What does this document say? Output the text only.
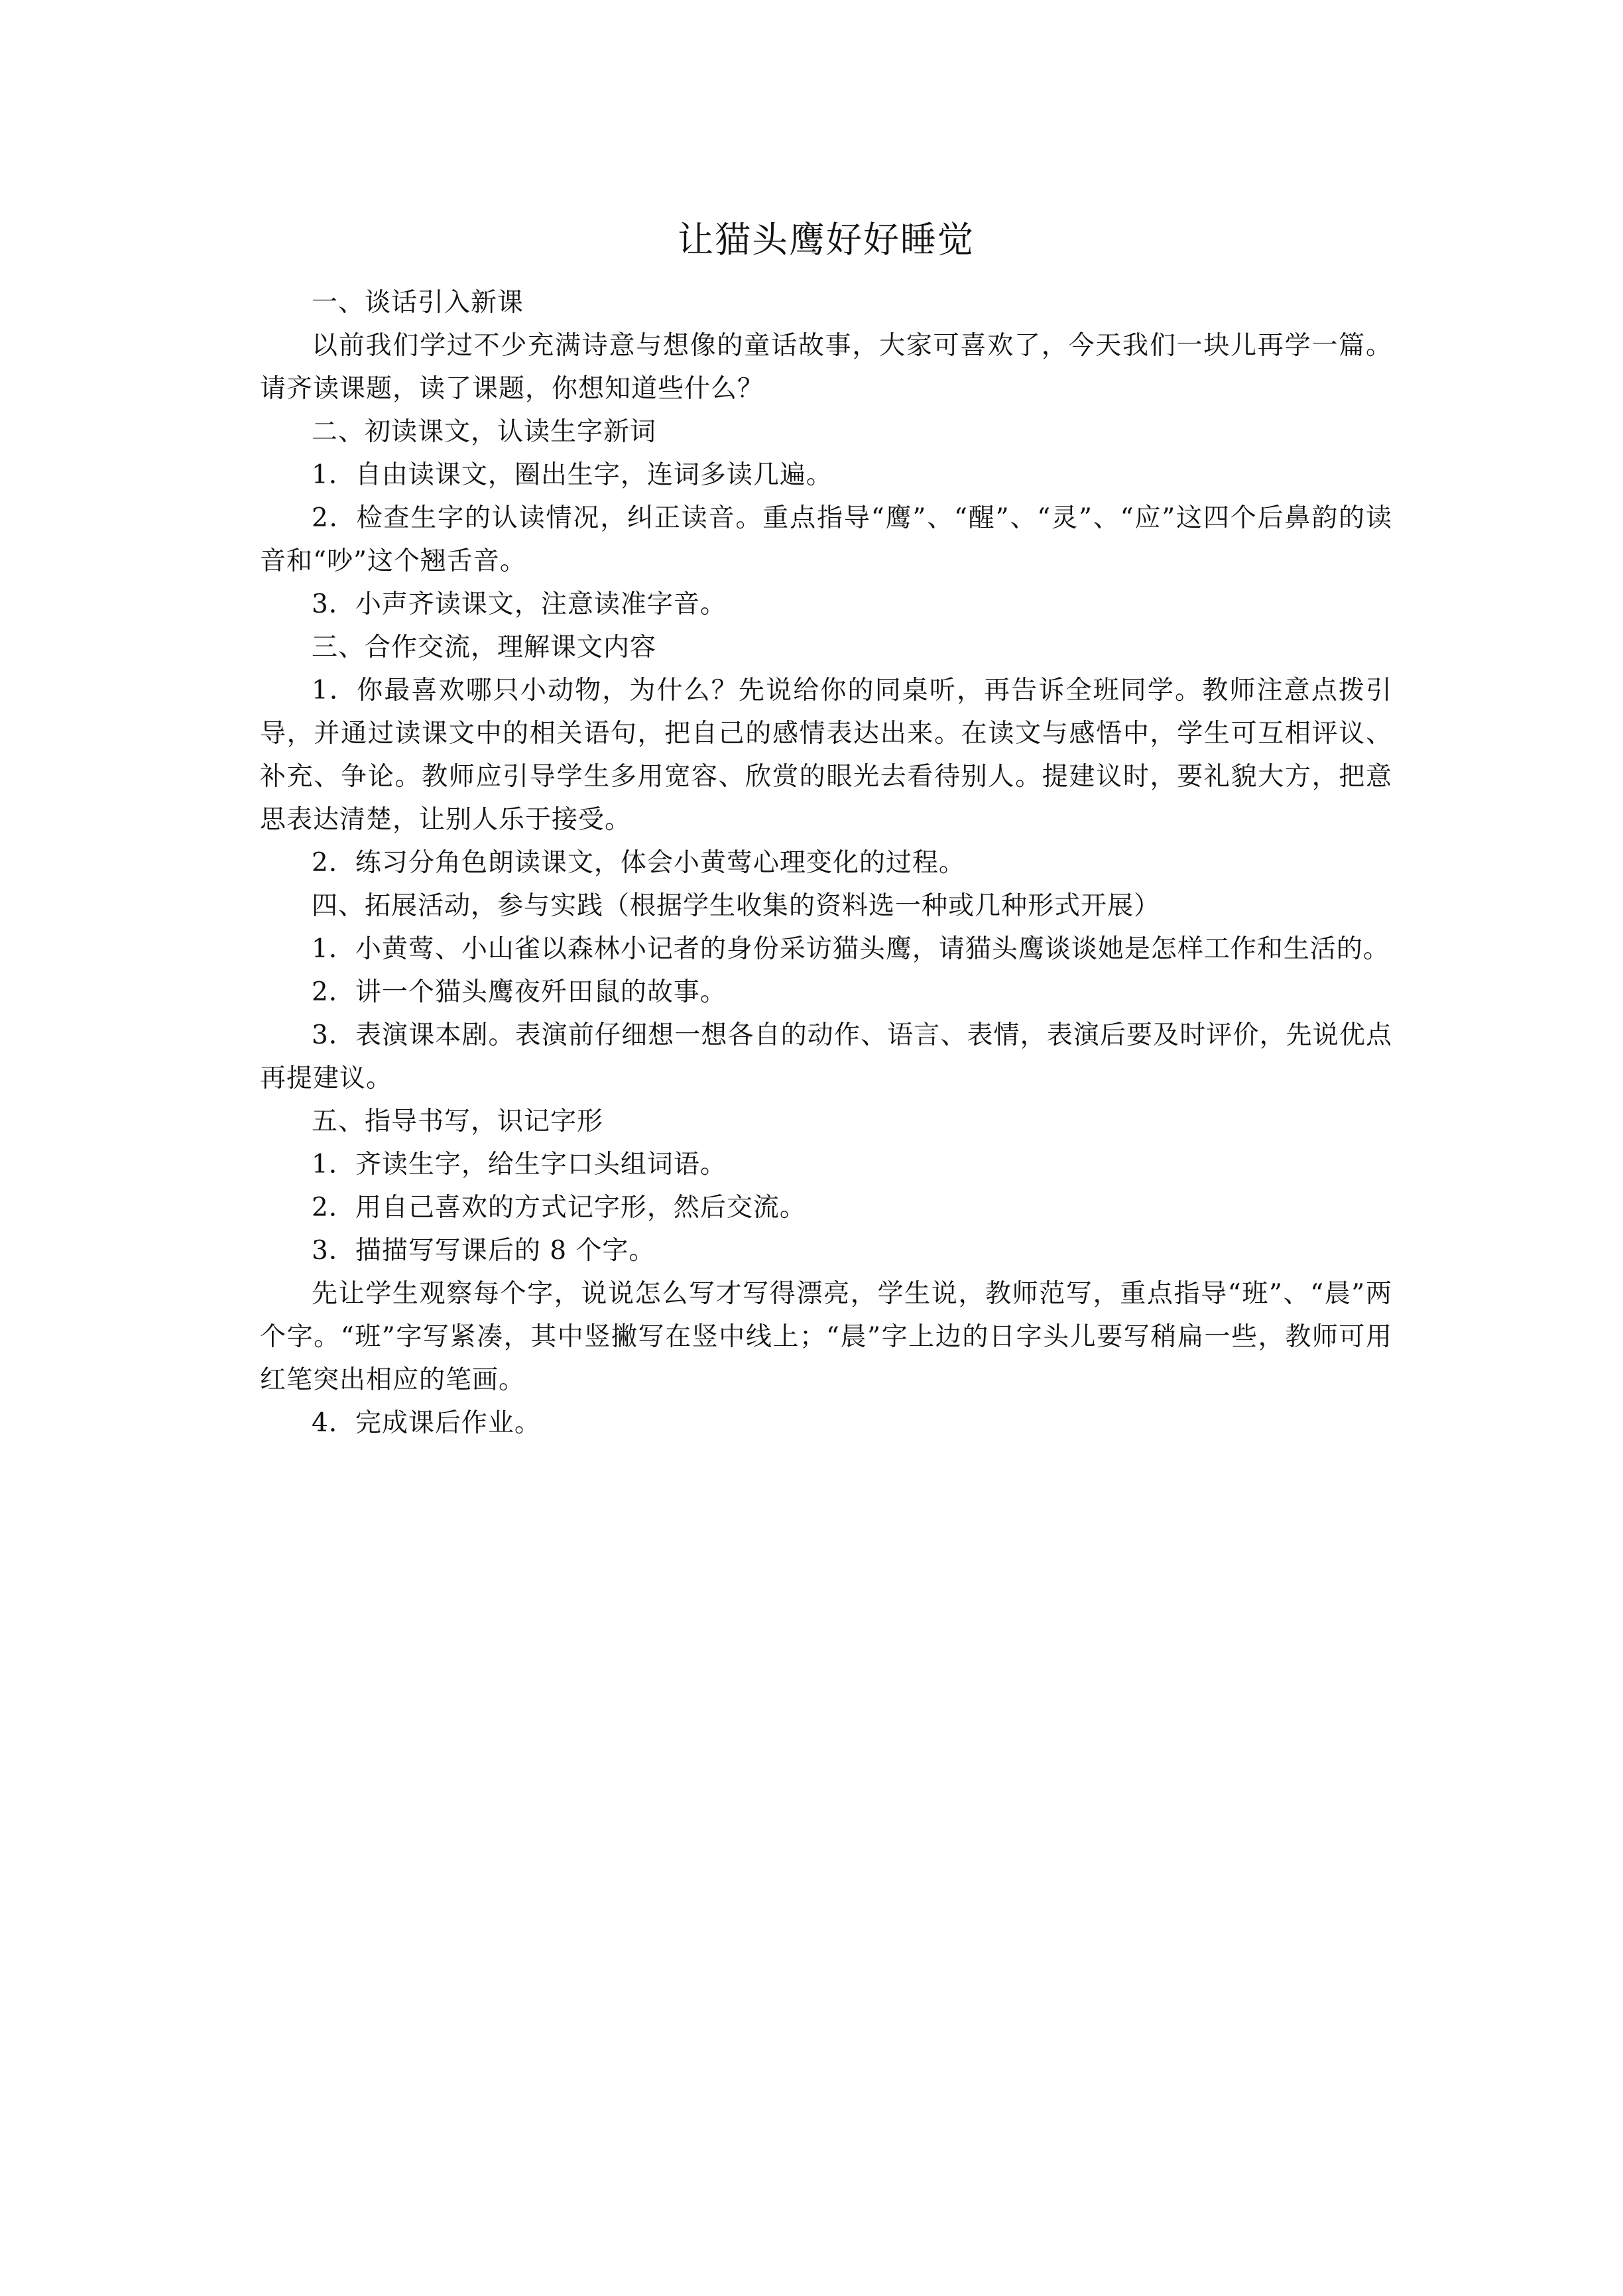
让猫头鹰好好睡觉

一、谈话引入新课

以前我们学过不少充满诗意与想像的童话故事，大家可喜欢了，今天我们一块儿再学一篇。请齐读课题，读了课题，你想知道些什么？

二、初读课文，认读生字新词

1．自由读课文，圈出生字，连词多读几遍。

2．检查生字的认读情况，纠正读音。重点指导“鹰”、“醒”、“灵”、“应”这四个后鼻韵的读音和“吵”这个翘舌音。

3．小声齐读课文，注意读准字音。

三、合作交流，理解课文内容

1．你最喜欢哪只小动物，为什么？先说给你的同桌听，再告诉全班同学。教师注意点拨引导，并通过读课文中的相关语句，把自己的感情表达出来。在读文与感悟中，学生可互相评议、补充、争论。教师应引导学生多用宽容、欣赏的眼光去看待别人。提建议时，要礼貌大方，把意思表达清楚，让别人乐于接受。

2．练习分角色朗读课文，体会小黄莺心理变化的过程。

四、拓展活动，参与实践（根据学生收集的资料选一种或几种形式开展）

1．小黄莺、小山雀以森林小记者的身份采访猫头鹰，请猫头鹰谈谈她是怎样工作和生活的。

2．讲一个猫头鹰夜歼田鼠的故事。

3．表演课本剧。表演前仔细想一想各自的动作、语言、表情，表演后要及时评价，先说优点再提建议。

五、指导书写，识记字形

1．齐读生字，给生字口头组词语。

2．用自己喜欢的方式记字形，然后交流。

3．描描写写课后的 8 个字。

先让学生观察每个字，说说怎么写才写得漂亮，学生说，教师范写，重点指导“班”、“晨”两个字。“班”字写紧凑，其中竖撇写在竖中线上；“晨”字上边的日字头儿要写稍扁一些，教师可用红笔突出相应的笔画。

4．完成课后作业。
